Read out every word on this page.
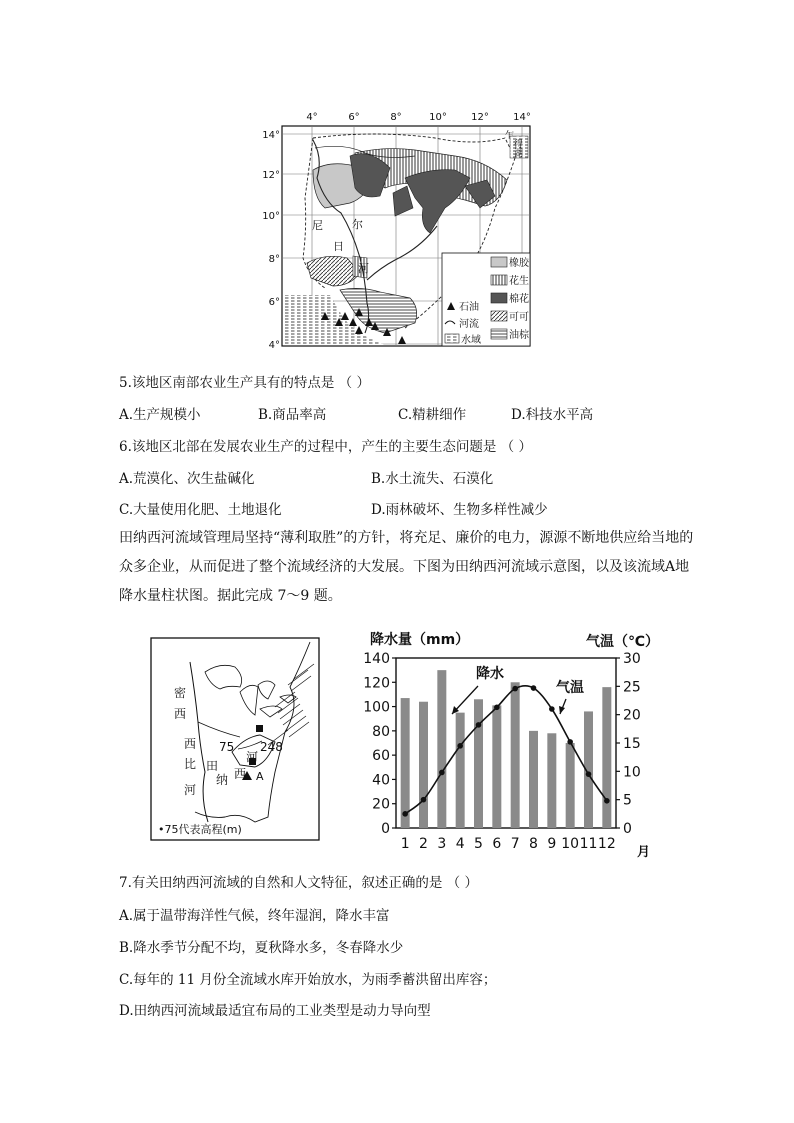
4°	6°	8°	10° 12° 14°
14°
12°
10°
8°
6°
4°
乍
得
湖
尼
日
尔
河	橡胶
花生
棉花
石油
可可
河流
水域	油棕
5.该地区南部农业生产具有的特点是 （ ）
A.生产规模小	B.商品率高	C.精耕细作	D.科技水平高
6.该地区北部在发展农业生产的过程中，产生的主要生态问题是 （ ）
A.荒漠化、次生盐碱化	B.水土流失、石漠化
C.大量使用化肥、土地退化	D.雨林破坏、生物多样性减少
田纳西河流域管理局坚持“薄利取胜”的方针，将充足、廉价的电力，源源不断地供应给当地的众多企业，从而促进了整个流域经济的大发展。下图为田纳西河流域示意图，以及该流域A地降水量柱状图。据此完成 7～9 题。
密
西
西
比
河
田
纳 西
河
75 248
A
•75代表高程(m)
降水量（mm）	气温（℃）
月
降水
气温
0
20
40
60
80
100
120
140
0
5
10
15
20
25
30
1 2 3 4 5 6 7 8 9 10 11 12
7.有关田纳西河流域的自然和人文特征，叙述正确的是 （ ）
A.属于温带海洋性气候，终年湿润，降水丰富
B.降水季节分配不均，夏秋降水多，冬春降水少
C.每年的 11 月份全流域水库开始放水，为雨季蓄洪留出库容；
D.田纳西河流域最适宜布局的工业类型是动力导向型
